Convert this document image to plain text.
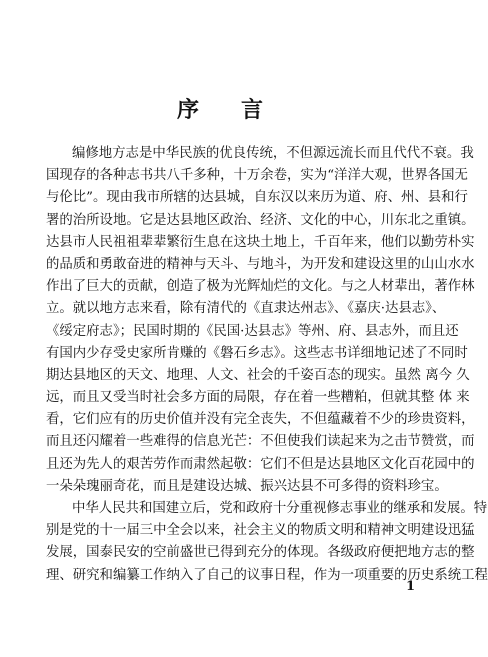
序　言
编修地方志是中华民族的优良传统，不但源远流长而且代代不衰。我
国现存的各种志书共八千多种，十万余卷，实为“洋洋大观，世界各国无
与伦比”。现由我市所辖的达县城，自东汉以来历为道、府、州、县和行
署的治所设地。它是达县地区政治、经济、文化的中心，川东北之重镇。
达县市人民祖祖辈辈繁衍生息在这块土地上，千百年来，他们以勤劳朴实
的品质和勇敢奋进的精神与天斗、与地斗，为开发和建设这里的山山水水
作出了巨大的贡献，创造了极为光辉灿烂的文化。与之人材辈出，著作林
立。就以地方志来看，除有清代的《直隶达州志》、《嘉庆·达县志》、
《绥定府志》；民国时期的《民国·达县志》等州、府、县志外，而且还
有国内少存受史家所肯赚的《磐石乡志》。这些志书详细地记述了不同时
期达县地区的天文、地理、人文、社会的千姿百态的现实。虽然 离今 久
远，而且又受当时社会多方面的局限，存在着一些糟粕，但就其整 体 来
看，它们应有的历史价值并没有完全丧失，不但蕴藏着不少的珍贵资料，
而且还闪耀着一些难得的信息光芒：不但使我们读起来为之击节赞赏，而
且还为先人的艰苦劳作而肃然起敬：它们不但是达县地区文化百花园中的
一朵朵瑰丽奇花，而且是建设达城、振兴达县不可多得的资料珍宝。
中华人民共和国建立后，党和政府十分重视修志事业的继承和发展。特
别是党的十一届三中全会以来，社会主义的物质文明和精神文明建设迅猛
发展，国泰民安的空前盛世已得到充分的体现。各级政府便把地方志的整
理、研究和编纂工作纳入了自己的议事日程，作为一项重要的历史系统工程
1
